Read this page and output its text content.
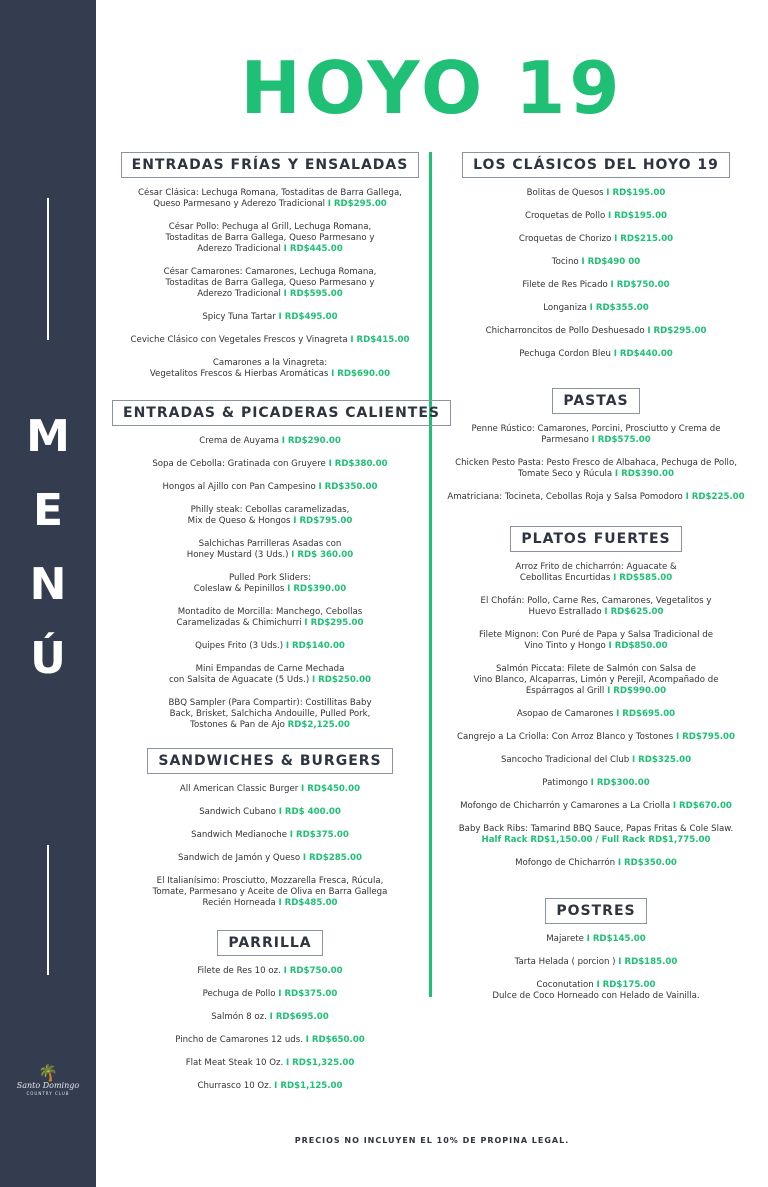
M
E
N
Ú
🌴
Santo Domingo
COUNTRY CLUB
HOYO 19
ENTRADAS FRÍAS Y ENSALADAS
César Clásica: Lechuga Romana, Tostaditas de Barra Gallega,
Queso Parmesano y Aderezo Tradicional I RD$295.00
César Pollo: Pechuga al Grill, Lechuga Romana,
Tostaditas de Barra Gallega, Queso Parmesano y
Aderezo Tradicional I RD$445.00
César Camarones: Camarones, Lechuga Romana,
Tostaditas de Barra Gallega, Queso Parmesano y
Aderezo Tradicional I RD$595.00
Spicy Tuna Tartar I RD$495.00
Ceviche Clásico con Vegetales Frescos y Vinagreta I RD$415.00
Camarones a la Vinagreta:
Vegetalitos Frescos & Hierbas Aromáticas I RD$690.00
ENTRADAS & PICADERAS CALIENTES
Crema de Auyama I RD$290.00
Sopa de Cebolla: Gratinada con Gruyere I RD$380.00
Hongos al Ajillo con Pan Campesino I RD$350.00
Philly steak: Cebollas caramelizadas,
Mix de Queso & Hongos I RD$795.00
Salchichas Parrilleras Asadas con
Honey Mustard (3 Uds.) I RD$ 360.00
Pulled Pork Sliders:
Coleslaw & Pepinillos I RD$390.00
Montadito de Morcilla: Manchego, Cebollas
Caramelizadas & Chimichurri I RD$295.00
Quipes Frito (3 Uds.) I RD$140.00
Mini Empandas de Carne Mechada
con Salsita de Aguacate (5 Uds.) I RD$250.00
BBQ Sampler (Para Compartir): Costillitas Baby
Back, Brisket, Salchicha Andouille, Pulled Pork,
Tostones & Pan de Ajo RD$2,125.00
SANDWICHES & BURGERS
All American Classic Burger I RD$450.00
Sandwich Cubano I RD$ 400.00
Sandwich Medianoche I RD$375.00
Sandwich de Jamón y Queso I RD$285.00
El Italianísimo: Prosciutto, Mozzarella Fresca, Rúcula,
Tomate, Parmesano y Aceite de Oliva en Barra Gallega
Recién Horneada I RD$485.00
PARRILLA
Filete de Res 10 oz. I RD$750.00
Pechuga de Pollo I RD$375.00
Salmón 8 oz. I RD$695.00
Pincho de Camarones 12 uds. I RD$650.00
Flat Meat Steak 10 Oz. I RD$1,325.00
Churrasco 10 Oz. I RD$1,125.00
LOS CLÁSICOS DEL HOYO 19
Bolitas de Quesos I RD$195.00
Croquetas de Pollo I RD$195.00
Croquetas de Chorizo I RD$215.00
Tocino I RD$490 00
Filete de Res Picado I RD$750.00
Longaniza I RD$355.00
Chicharroncitos de Pollo Deshuesado I RD$295.00
Pechuga Cordon Bleu I RD$440.00
PASTAS
Penne Rústico: Camarones, Porcini, Prosciutto y Crema de
Parmesano I RD$575.00
Chicken Pesto Pasta: Pesto Fresco de Albahaca, Pechuga de Pollo,
Tomate Seco y Rúcula I RD$390.00
Amatriciana: Tocineta, Cebollas Roja y Salsa Pomodoro I RD$225.00
PLATOS FUERTES
Arroz Frito de chicharrón: Aguacate &
Cebollitas Encurtidas I RD$585.00
El Chofán: Pollo, Carne Res, Camarones, Vegetalitos y
Huevo Estrallado I RD$625.00
Filete Mignon: Con Puré de Papa y Salsa Tradicional de
Vino Tinto y Hongo I RD$850.00
Salmón Piccata: Filete de Salmón con Salsa de
Vino Blanco, Alcaparras, Limón y Perejil, Acompañado de
Espárragos al Grill I RD$990.00
Asopao de Camarones I RD$695.00
Cangrejo a La Criolla: Con Arroz Blanco y Tostones I RD$795.00
Sancocho Tradicional del Club I RD$325.00
Patimongo I RD$300.00
Mofongo de Chicharrón y Camarones a La Criolla I RD$670.00
Baby Back Ribs: Tamarind BBQ Sauce, Papas Fritas & Cole Slaw.
Half Rack RD$1,150.00 / Full Rack RD$1,775.00
Mofongo de Chicharrón I RD$350.00
POSTRES
Majarete I RD$145.00
Tarta Helada ( porcion ) I RD$185.00
Coconutation I RD$175.00
Dulce de Coco Horneado con Helado de Vainilla.
PRECIOS NO INCLUYEN EL 10% DE PROPINA LEGAL.
